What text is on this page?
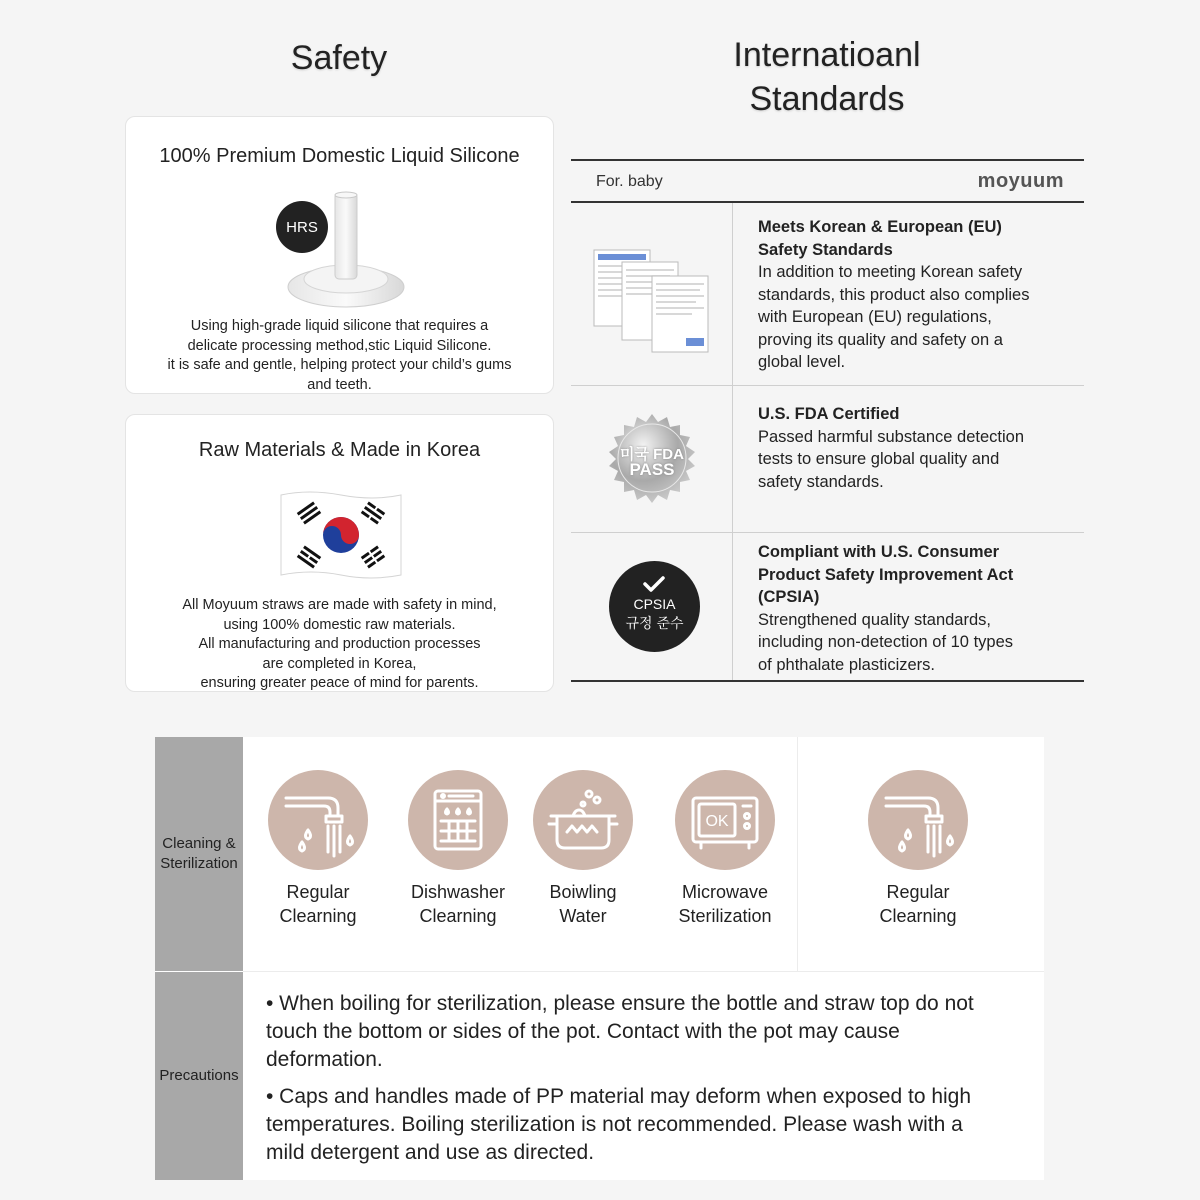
Safety	Internatioanl
Standards
100% Premium Domestic Liquid Silicone
HRS
Using high-grade liquid silicone that requires a
delicate processing method,stic Liquid Silicone.
it is safe and gentle, helping protect your child’s gums
and teeth.
Raw Materials & Made in Korea
All Moyuum straws are made with safety in mind,
using 100% domestic raw materials.
All manufacturing and production processes
are completed in Korea,
ensuring greater peace of mind for parents.
For. baby	moyuum
Meets Korean & European (EU)
Safety Standards
In addition to meeting Korean safety
standards, this product also complies
with European (EU) regulations,
proving its quality and safety on a
global level.
미국 FDA
PASS
U.S. FDA Certified
Passed harmful substance detection
tests to ensure global quality and
safety standards.
CPSIA
규정 준수
Compliant with U.S. Consumer
Product Safety Improvement Act
(CPSIA)
Strengthened quality standards,
including non-detection of 10 types
of phthalate plasticizers.
Cleaning &
Sterilization
Precautions
Regular
Clearning
Dishwasher
Clearning
Boiwling
Water
OK
Microwave
Sterilization
Regular
Clearning
• When boiling for sterilization, please ensure the bottle and straw top do not touch the bottom or sides of the pot. Contact with the pot may cause deformation.
• Caps and handles made of PP material may deform when exposed to high temperatures. Boiling sterilization is not recommended. Please wash with a mild detergent and use as directed.
